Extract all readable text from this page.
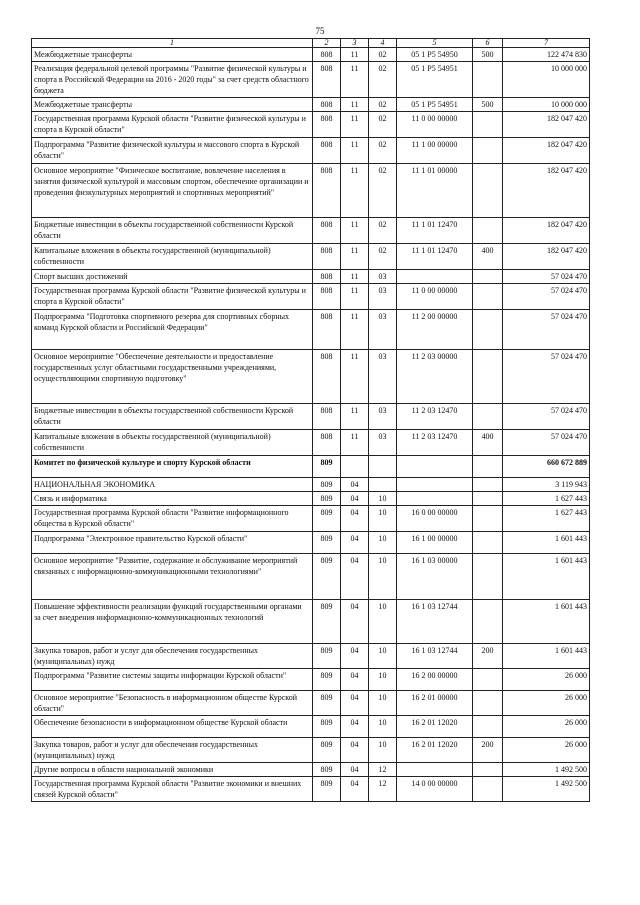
75
1	2	3	4	5	6	7
Межбюджетные трансферты	808	11	02	05 1 P5 54950	500	122 474 830
Реализация федеральной целевой программы "Развитие физической культуры и спорта в Российской Федерации на 2016 - 2020 годы" за счет средств областного бюджета	808	11	02	05 1 P5 54951		10 000 000
Межбюджетные трансферты	808	11	02	05 1 P5 54951	500	10 000 000
Государственная программа Курской области "Развитие физической культуры и спорта в Курской области"	808	11	02	11 0 00 00000		182 047 420
Подпрограмма "Развитие физической культуры и массового спорта в Курской области"	808	11	02	11 1 00 00000		182 047 420
Основное мероприятие "Физическое воспитание, вовлечение населения в занятия физической культурой и массовым спортом, обеспечение организации и проведения физкультурных мероприятий и спортивных мероприятий"	808	11	02	11 1 01 00000		182 047 420
Бюджетные инвестиции в объекты государственной собственности Курской области	808	11	02	11 1 01 12470		182 047 420
Капитальные вложения в объекты государственной (муниципальной) собственности	808	11	02	11 1 01 12470	400	182 047 420
Спорт высших достижений	808	11	03			57 024 470
Государственная программа Курской области "Развитие физической культуры и спорта в Курской области"	808	11	03	11 0 00 00000		57 024 470
Подпрограмма "Подготовка спортивного резерва для спортивных сборных команд Курской области и Российской Федерации"	808	11	03	11 2 00 00000		57 024 470
Основное мероприятие "Обеспечение деятельности и предоставление государственных услуг областными государственными учреждениями, осуществляющими спортивную подготовку"	808	11	03	11 2 03 00000		57 024 470
Бюджетные инвестиции в объекты государственной собственности Курской области	808	11	03	11 2 03 12470		57 024 470
Капитальные вложения в объекты государственной (муниципальной) собственности	808	11	03	11 2 03 12470	400	57 024 470
Комитет по физической культуре и спорту Курской области	809					660 672 889
НАЦИОНАЛЬНАЯ ЭКОНОМИКА	809	04				3 119 943
Связь и информатика	809	04	10			1 627 443
Государственная программа Курской области "Развитие информационного общества в Курской области"	809	04	10	16 0 00 00000		1 627 443
Подпрограмма "Электронное правительство Курской области"	809	04	10	16 1 00 00000		1 601 443
Основное мероприятие "Развитие, содержание и обслуживание мероприятий связанных с информационно-коммуникационными технологиями"	809	04	10	16 1 03 00000		1 601 443
Повышение эффективности реализации функций государственными органами за счет внедрения информационно-коммуникационных технологий	809	04	10	16 1 03 12744		1 601 443
Закупка товаров, работ и услуг для обеспечения государственных (муниципальных) нужд	809	04	10	16 1 03 12744	200	1 601 443
Подпрограмма "Развитие системы защиты информации Курской области"	809	04	10	16 2 00 00000		26 000
Основное мероприятие "Безопасность в информационном обществе Курской области"	809	04	10	16 2 01 00000		26 000
Обеспечение безопасности в информационном обществе Курской области	809	04	10	16 2 01 12020		26 000
Закупка товаров, работ и услуг для обеспечения государственных (муниципальных) нужд	809	04	10	16 2 01 12020	200	26 000
Другие вопросы в области национальной экономики	809	04	12			1 492 500
Государственная программа Курской области "Развитие экономики и внешних связей Курской области"	809	04	12	14 0 00 00000		1 492 500
